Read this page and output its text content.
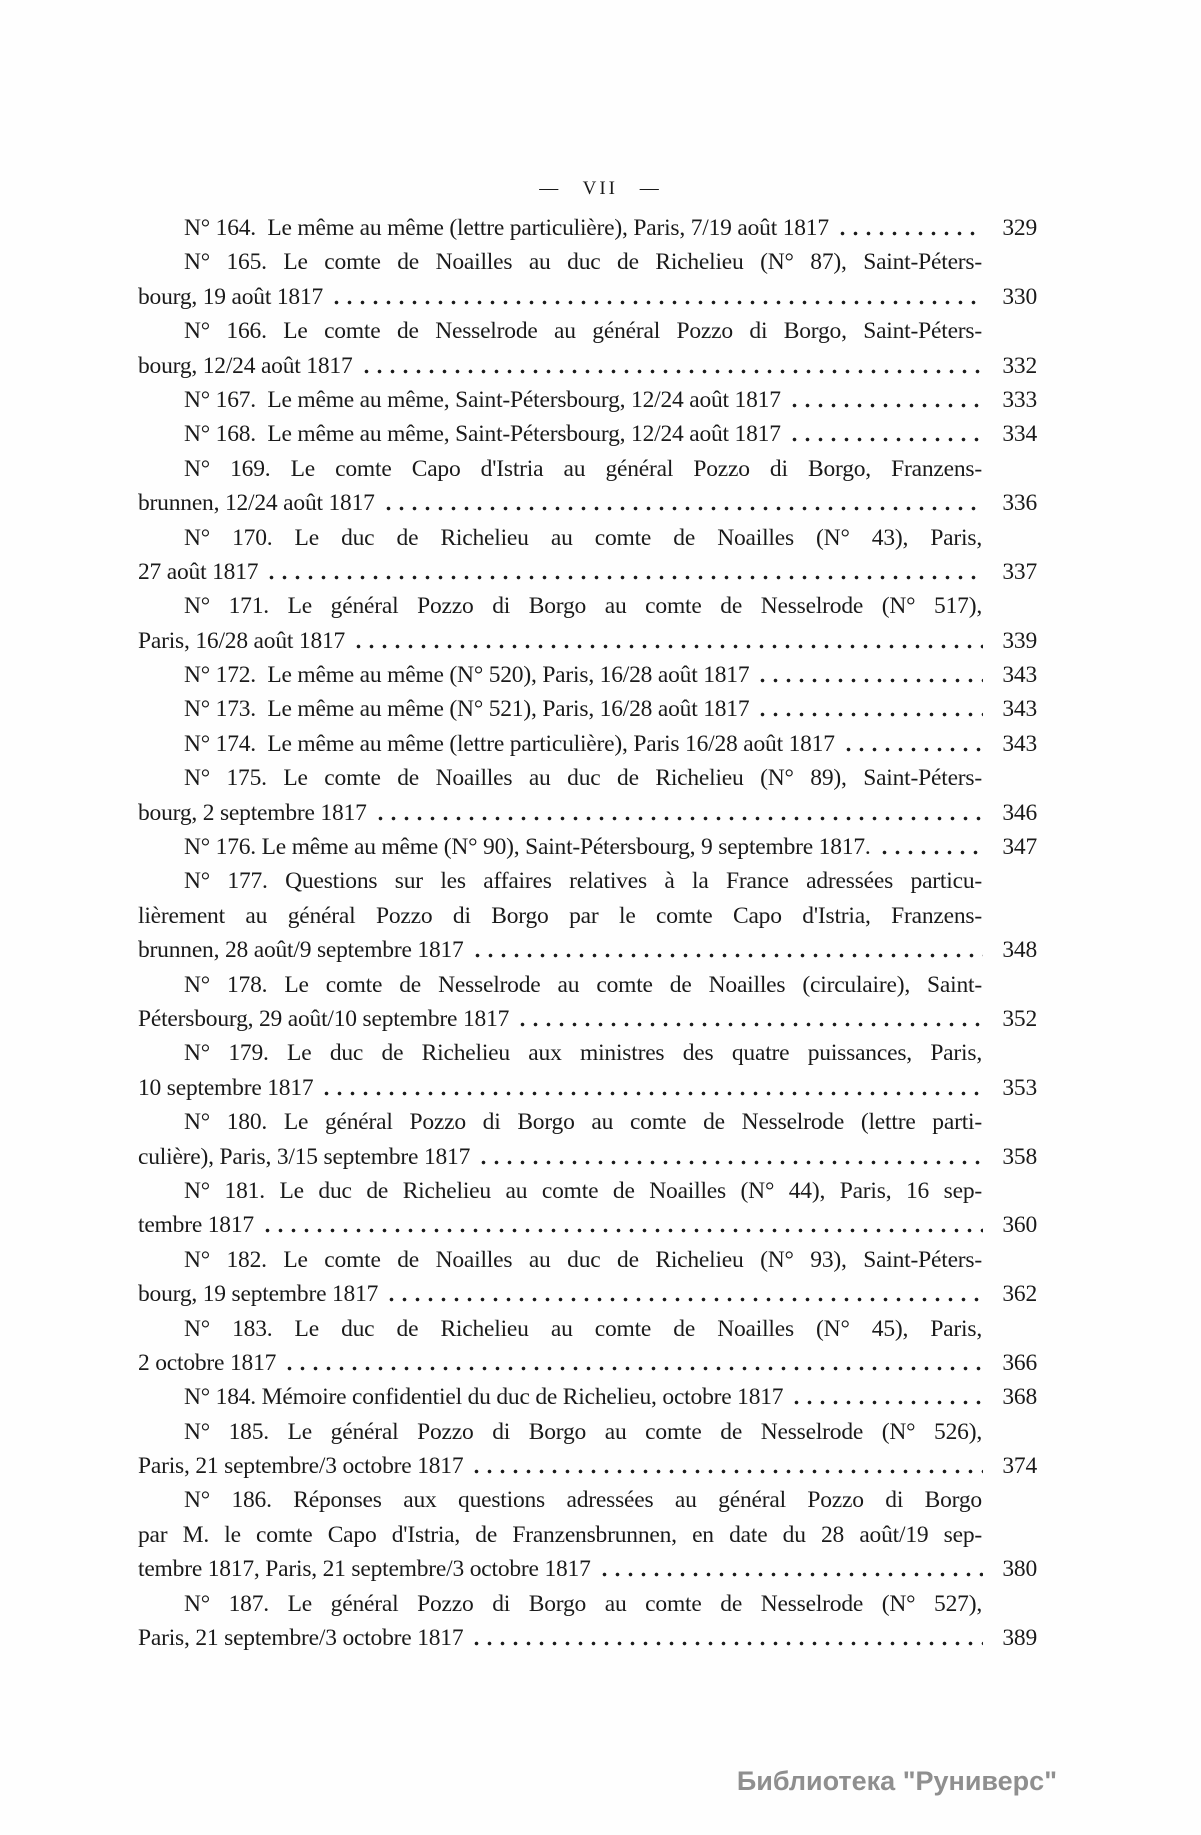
— VII —
N° 164.  Le même au même (lettre particulière), Paris, 7/19 août 1817	329
N° 165. Le comte de Noailles au duc de Richelieu (N° 87), Saint-Péters-
bourg, 19 août 1817	330
N° 166. Le comte de Nesselrode au général Pozzo di Borgo, Saint-Péters-
bourg, 12/24 août 1817	332
N° 167.  Le même au même, Saint-Pétersbourg, 12/24 août 1817	333
N° 168.  Le même au même, Saint-Pétersbourg, 12/24 août 1817	334
N° 169. Le comte Capo d'Istria au général Pozzo di Borgo, Franzens-
brunnen, 12/24 août 1817	336
N° 170. Le duc de Richelieu au comte de Noailles (N° 43), Paris,
27 août 1817	337
N° 171. Le général Pozzo di Borgo au comte de Nesselrode (N° 517),
Paris, 16/28 août 1817	339
N° 172.  Le même au même (N° 520), Paris, 16/28 août 1817	343
N° 173.  Le même au même (N° 521), Paris, 16/28 août 1817	343
N° 174.  Le même au même (lettre particulière), Paris 16/28 août 1817	343
N° 175. Le comte de Noailles au duc de Richelieu (N° 89), Saint-Péters-
bourg, 2 septembre 1817	346
N° 176. Le même au même (N° 90), Saint-Pétersbourg, 9 septembre 1817.	347
N° 177. Questions sur les affaires relatives à la France adressées particu-
lièrement au général Pozzo di Borgo par le comte Capo d'Istria, Franzens-
brunnen, 28 août/9 septembre 1817	348
N° 178. Le comte de Nesselrode au comte de Noailles (circulaire), Saint-
Pétersbourg, 29 août/10 septembre 1817	352
N° 179. Le duc de Richelieu aux ministres des quatre puissances, Paris,
10 septembre 1817	353
N° 180. Le général Pozzo di Borgo au comte de Nesselrode (lettre parti-
culière), Paris, 3/15 septembre 1817	358
N° 181. Le duc de Richelieu au comte de Noailles (N° 44), Paris, 16 sep-
tembre 1817	360
N° 182. Le comte de Noailles au duc de Richelieu (N° 93), Saint-Péters-
bourg, 19 septembre 1817	362
N° 183. Le duc de Richelieu au comte de Noailles (N° 45), Paris,
2 octobre 1817	366
N° 184. Mémoire confidentiel du duc de Richelieu, octobre 1817	368
N° 185. Le général Pozzo di Borgo au comte de Nesselrode (N° 526),
Paris, 21 septembre/3 octobre 1817	374
N° 186. Réponses aux questions adressées au général Pozzo di Borgo
par M. le comte Capo d'Istria, de Franzensbrunnen, en date du 28 août/19 sep-
tembre 1817, Paris, 21 septembre/3 octobre 1817	380
N° 187. Le général Pozzo di Borgo au comte de Nesselrode (N° 527),
Paris, 21 septembre/3 octobre 1817	389
Библиотека "Руниверс"
